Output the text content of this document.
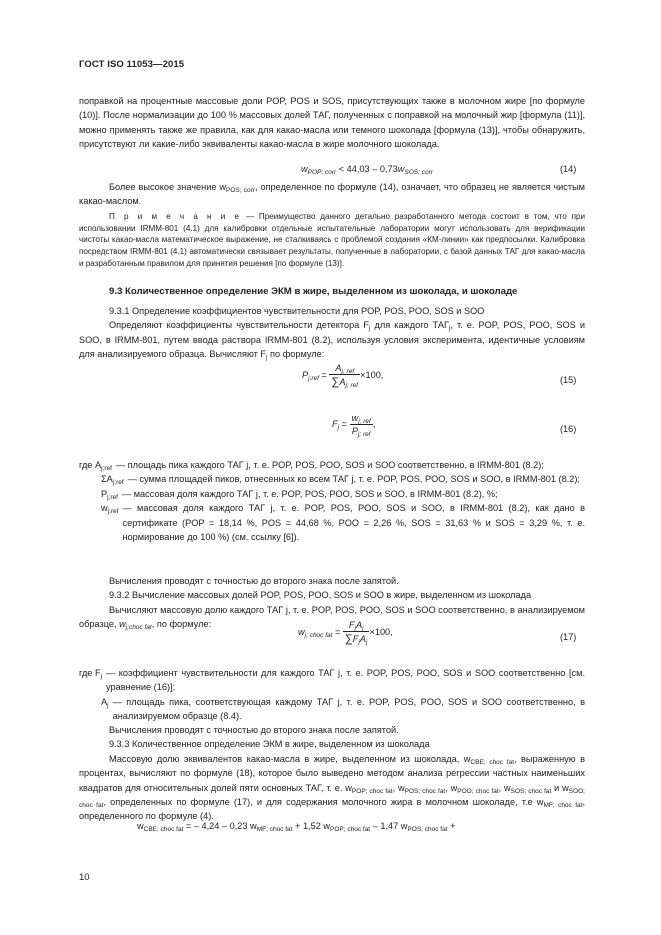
ГОСТ ISO 11053—2015

поправкой на процентные массовые доли POP, POS и SOS, присутствующих также в молочном жире [по формуле (10)]. После нормализации до 100 % массовых долей ТАГ, полученных с поправкой на молочный жир [формула (11)], можно применять также же правила, как для какао-масла или темного шоколада [формула (13)], чтобы обнаружить, присутствуют ли какие-либо эквиваленты какао-масла в жире молочного шоколада.

$w_{POP; corr} < 44,03 - 0,73w_{SOS; corr}$	(14)

Более высокое значение $w_{POS; corr}$, определенное по формуле (14), означает, что образец не является чистым какао-маслом.

П р и м е ч а н и е — Преимущество данного детально разработанного метода состоит в том, что при использовании IRMM-801 (4.1) для калибровки отдельные испытательные лаборатории могут использовать для верификации чистоты какао-масла математическое выражение, не сталкиваясь с проблемой создания «КМ-линии» как предпосылки. Калибровка посредством IRMM-801 (4.1) автоматически связывает результаты, полученные в лаборатории, с базой данных ТАГ для какао-масла и разработанным правилом для принятия решения [по формуле (13)].

9.3 Количественное определение ЭКМ в жире, выделенном из шоколада, и шоколаде

9.3.1 Определение коэффициентов чувствительности для POP, POS, POO, SOS и SOO

Определяют коэффициенты чувствительности детектора $F_j$ для каждого $ТАГ_j$, т. е. POP, POS, POO, SOS и SOO, в IRMM-801, путем ввода раствора IRMM-801 (8.2), используя условия эксперимента, идентичные условиям для анализируемого образца. Вычисляют $F_j$ по формуле:

$P_{j;ref} = \frac{A_{j; ref}}{\sum A_{j; ref}} \times 100$,
(15)
$F_j = \frac{w_{j; ref}}{P_{j; ref}}$ ,
(16)
где $A_{j;ref}$ — площадь пика каждого ТАГ j, т. е. POP, POS, POO, SOS и SOO соответственно, в IRMM-801 (8.2);
$\Sigma A_{j;ref}$ — сумма площадей пиков, отнесенных ко всем ТАГ j, т. е. POP, POS, POO, SOS и SOO, в IRMM-801 (8.2);
$P_{j;ref}$ — массовая доля каждого ТАГ j, т. е. POP, POS, POO, SOS и SOO, в IRMM-801 (8.2), %;
$w_{j;ref}$ — массовая доля каждого ТАГ j, т. е. POP, POS, POO, SOS и SOO, в IRMM-801 (8.2), как дано в сертификате (POP = 18,14 %, POS = 44,68 %, POO = 2,26 %, SOS = 31,63 % и SOS = 3,29 %, т. е. нормирование до 100 %) (см. ссылку [6]).

Вычисления проводят с точностью до второго знака после запятой.

9.3.2 Вычисление массовых долей POP, POS, POO, SOS и SOO в жире, выделенном из шоколада

Вычисляют массовую долю каждого ТАГ j, т. е. POP, POS, POO, SOS и SOO соответственно, в анализируемом образце, $w_{j;choc fat}$, по формуле:

$w_{j; choc fat} = \frac{F_jA_j}{\sum F_jA_j} \times 100$,
(17)
где $F_j$ — коэффициент чувствительности для каждого ТАГ j, т. е. POP, POS, POO, SOS и SOO соответственно [см. уравнение (16)];
$A_j$ — площадь пика, соответствующая каждому ТАГ j, т. е. POP, POS, POO, SOS и SOO соответственно, в анализируемом образце (8.4).

Вычисления проводят с точностью до второго знака после запятой.

9.3.3 Количественное определение ЭКМ в жире, выделенном из шоколада

Массовую долю эквивалентов какао-масла в жире, выделенном из шоколада, $w_{CBE; choc fat}$, выраженную в процентах, вычисляют по формуле (18), которое было выведено методом анализа регрессии частных наименьших квадратов для относительных долей пяти основных ТАГ, т. е. $w_{POP; choc fat}$, $w_{POS; choc fat}$, $w_{POO; choc fat}$, $w_{SOS; choc fat}$ и $w_{SOO; choc fat}$, определенных по формуле (17), и для содержания молочного жира в молочном шоколаде, т.е $w_{MF; choc fat}$, определенного по формуле (4).

$w_{CBE; choc fat}$ = – 4,24 – 0,23 $w_{MF; choc fat} + 1,52$ $w_{POP; choc fat} - 1,47$ $w_{POS; choc fat}$ +
10
